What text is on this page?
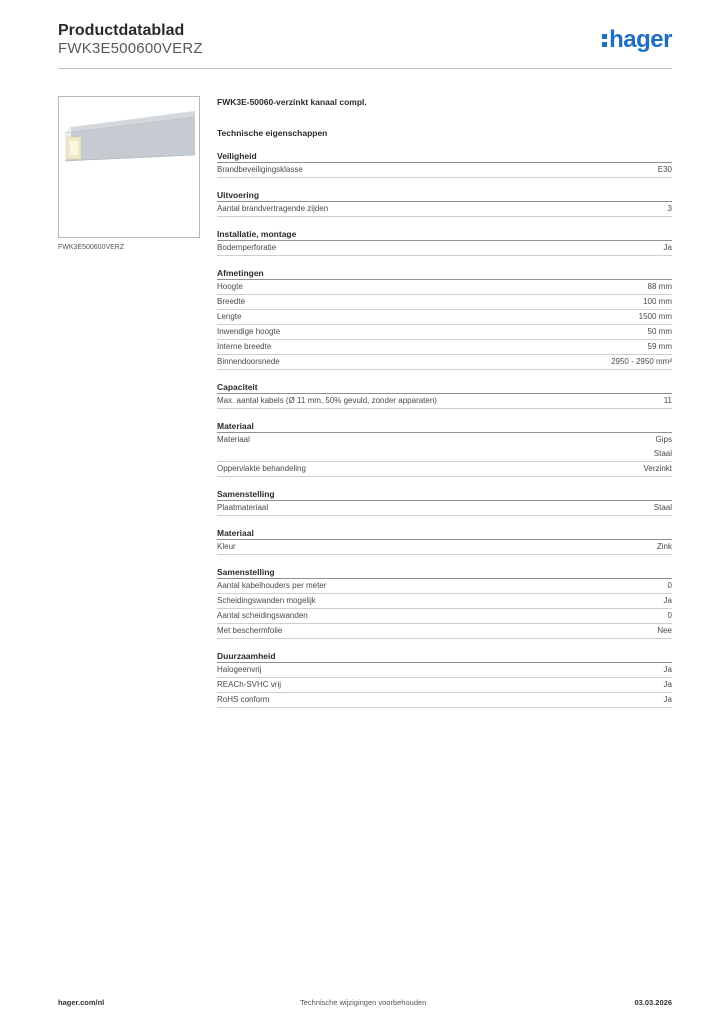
Productdatablad
FWK3E500600VERZ	hager
FWK3E500600VERZ
FWK3E-50060-verzinkt kanaal compl.
Technische eigenschappen
Veiligheid
Brandbeveiligingsklasse	E30
Uitvoering
Aantal brandvertragende zijden	3
Installatie, montage
Bodemperforatie	Ja
Afmetingen
Hoogte	88 mm
Breedte	100 mm
Lengte	1500 mm
Inwendige hoogte	50 mm
Interne breedte	59 mm
Binnendoorsnede	2950 - 2950 mm²
Capaciteit
Max. aantal kabels (Ø 11 mm, 50% gevuld, zonder apparaten)	11
Materiaal
Materiaal	Gips
Staal
Oppervlakte behandeling	Verzinkt
Samenstelling
Plaatmateriaal	Staal
Materiaal
Kleur	Zink
Samenstelling
Aantal kabelhouders per meter	0
Scheidingswanden mogelijk	Ja
Aantal scheidingswanden	0
Met beschermfolie	Nee
Duurzaamheid
Halogeenvrij	Ja
REACh-SVHC vrij	Ja
RoHS conform	Ja
hager.com/nl	Technische wijzigingen voorbehouden	03.03.2026
